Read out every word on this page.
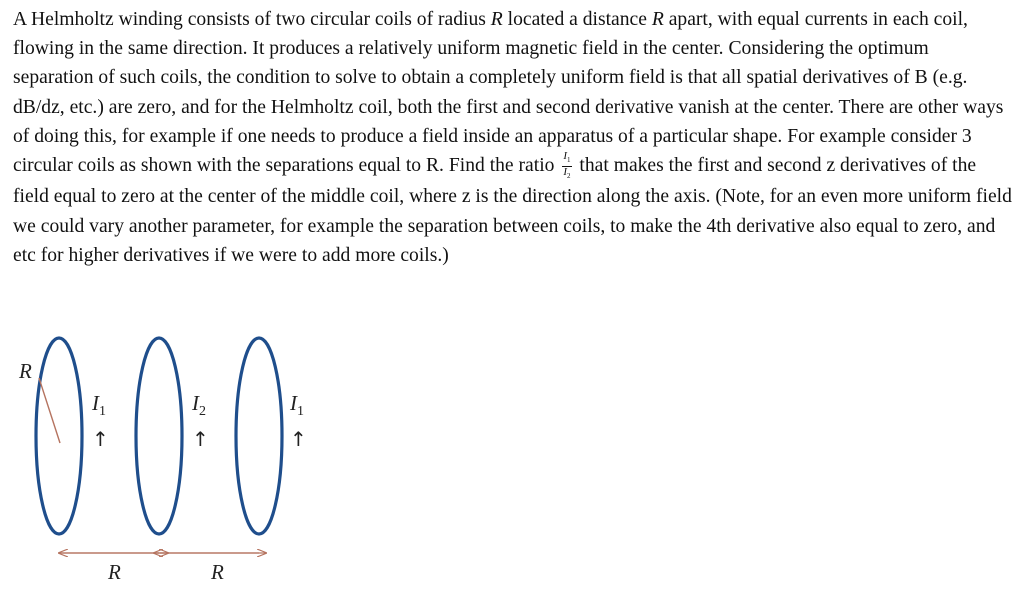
A Helmholtz winding consists of two circular coils of radius R located a distance R apart, with equal currents in each coil, flowing in the same direction. It produces a relatively uniform magnetic field in the center. Considering the optimum separation of such coils, the condition to solve to obtain a completely uniform field is that all spatial derivatives of B (e.g. dB/dz, etc.) are zero, and for the Helmholtz coil, both the first and second derivative vanish at the center. There are other ways of doing this, for example if one needs to produce a field inside an apparatus of a particular shape. For example consider 3 circular coils as shown with the separations equal to R. Find the ratio $\frac{I_1}{I_2}$ that makes the first and second z derivatives of the field equal to zero at the center of the middle coil, where z is the direction along the axis. (Note, for an even more uniform field we could vary another parameter, for example the separation between coils, to make the 4th derivative also equal to zero, and etc for higher derivatives if we were to add more coils.)

R
$I_1$	$I_2$	$I_1$
↑	↑	↑
R	R
